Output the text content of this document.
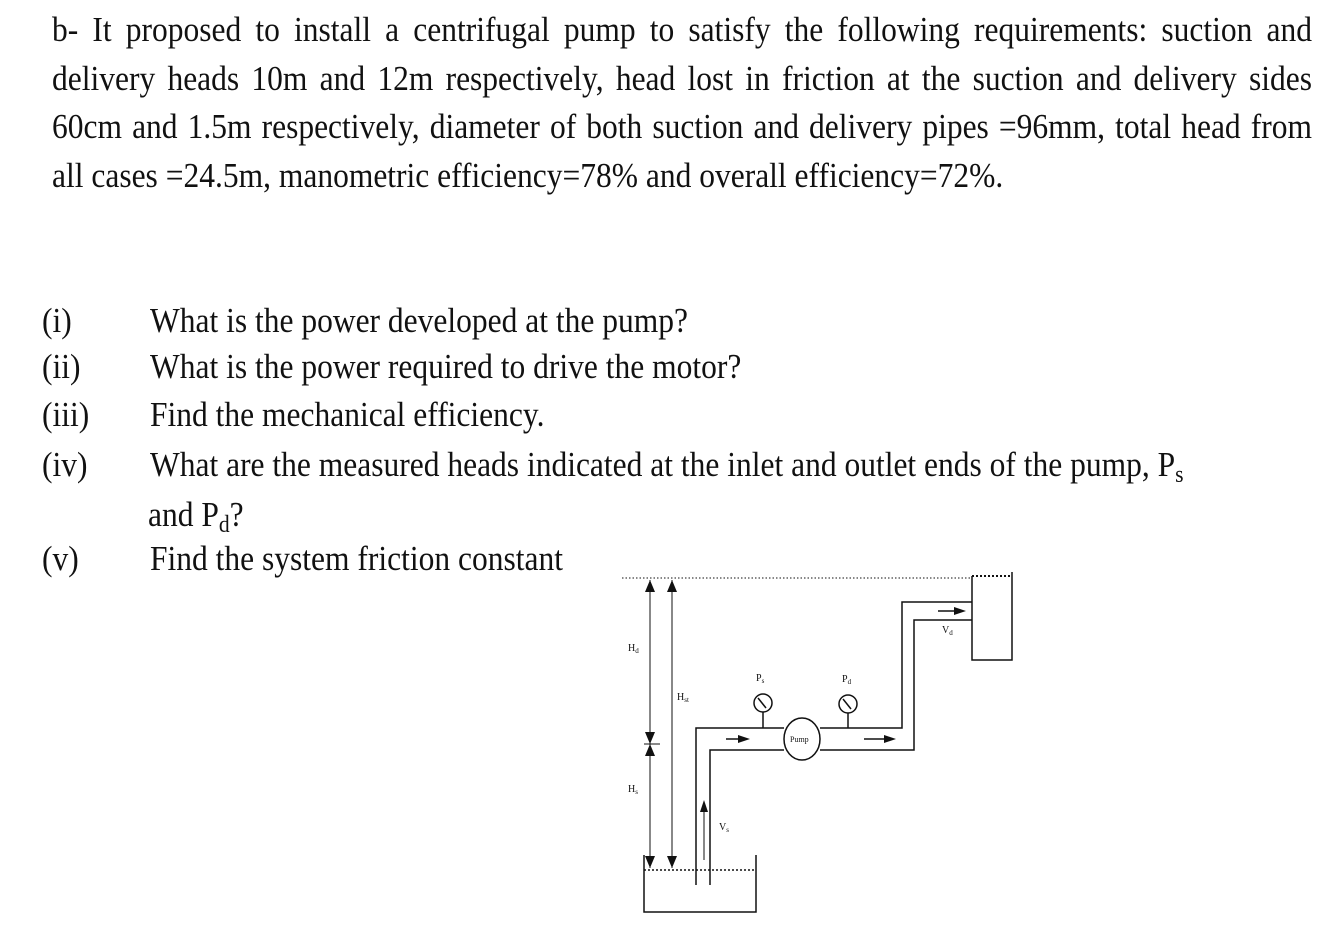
b- It proposed to install a centrifugal pump to satisfy the following requirements: suction and delivery heads 10m and 12m respectively, head lost in friction at the suction and delivery sides 60cm and 1.5m respectively, diameter of both suction and delivery pipes =96mm, total head from all cases =24.5m, manometric efficiency=78% and overall efficiency=72%.
(i) What is the power developed at the pump?
(ii) What is the power required to drive the motor?
(iii) Find the mechanical efficiency.
(iv) What are the measured heads indicated at the inlet and outlet ends of the pump, $P_s$
and $P_d$?
(v) Find the system friction constant
$H_d$
$H_{st}$
$H_s$
$P_s$	$P_d$
Pump
$V_s$
$V_d$
